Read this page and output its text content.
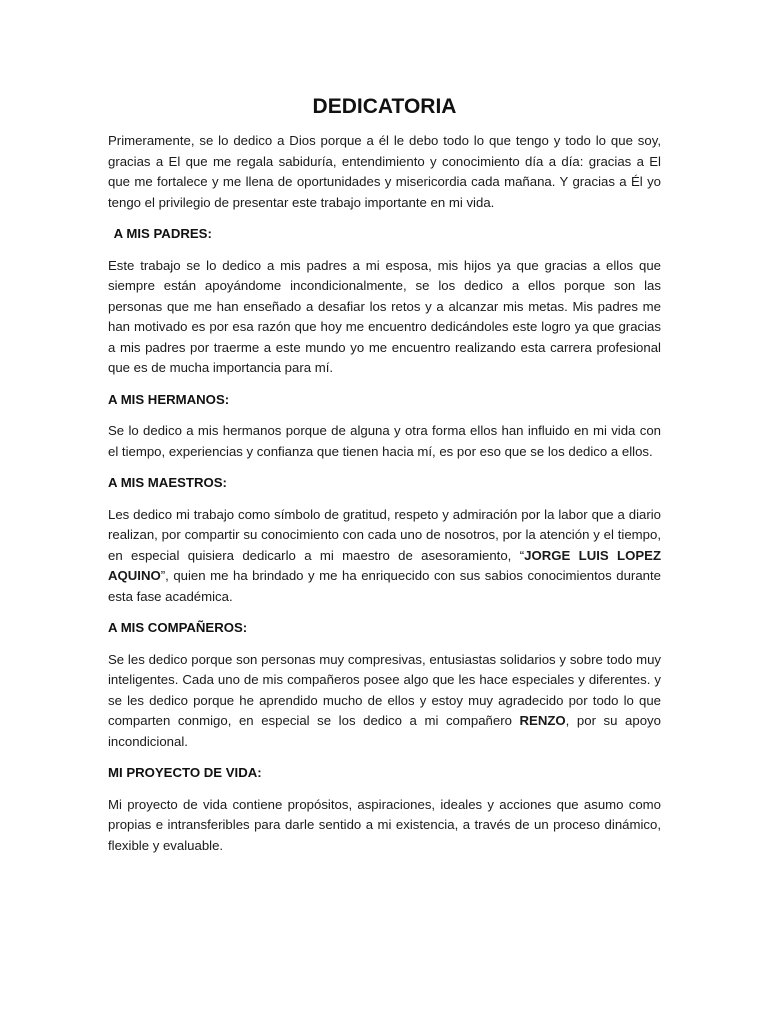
DEDICATORIA

Primeramente, se lo dedico a Dios porque a él le debo todo lo que tengo y todo lo que soy, gracias a El que me regala sabiduría, entendimiento y conocimiento día a día: gracias a El que me fortalece y me llena de oportunidades y misericordia cada mañana. Y gracias a Él yo tengo el privilegio de presentar este trabajo importante en mi vida.

A MIS PADRES:

Este trabajo se lo dedico a mis padres a mi esposa, mis hijos ya que gracias a ellos que siempre están apoyándome incondicionalmente, se los dedico a ellos porque son las personas que me han enseñado a desafiar los retos y a alcanzar mis metas. Mis padres me han motivado es por esa razón que hoy me encuentro dedicándoles este logro ya que gracias a mis padres por traerme a este mundo yo me encuentro realizando esta carrera profesional que es de mucha importancia para mí.

A MIS HERMANOS:

Se lo dedico a mis hermanos porque de alguna y otra forma ellos han influido en mi vida con el tiempo, experiencias y confianza que tienen hacia mí, es por eso que se los dedico a ellos.

A MIS MAESTROS:

Les dedico mi trabajo como símbolo de gratitud, respeto y admiración por la labor que a diario realizan, por compartir su conocimiento con cada uno de nosotros, por la atención y el tiempo, en especial quisiera dedicarlo a mi maestro de asesoramiento, “JORGE LUIS LOPEZ AQUINO”, quien me ha brindado y me ha enriquecido con sus sabios conocimientos durante esta fase académica.

A MIS COMPAÑEROS:

Se les dedico porque son personas muy compresivas, entusiastas solidarios y sobre todo muy inteligentes. Cada uno de mis compañeros posee algo que les hace especiales y diferentes. y se les dedico porque he aprendido mucho de ellos y estoy muy agradecido por todo lo que comparten conmigo, en especial se los dedico a mi compañero RENZO, por su apoyo incondicional.

MI PROYECTO DE VIDA:

Mi proyecto de vida contiene propósitos, aspiraciones, ideales y acciones que asumo como propias e intransferibles para darle sentido a mi existencia, a través de un proceso dinámico, flexible y evaluable.
